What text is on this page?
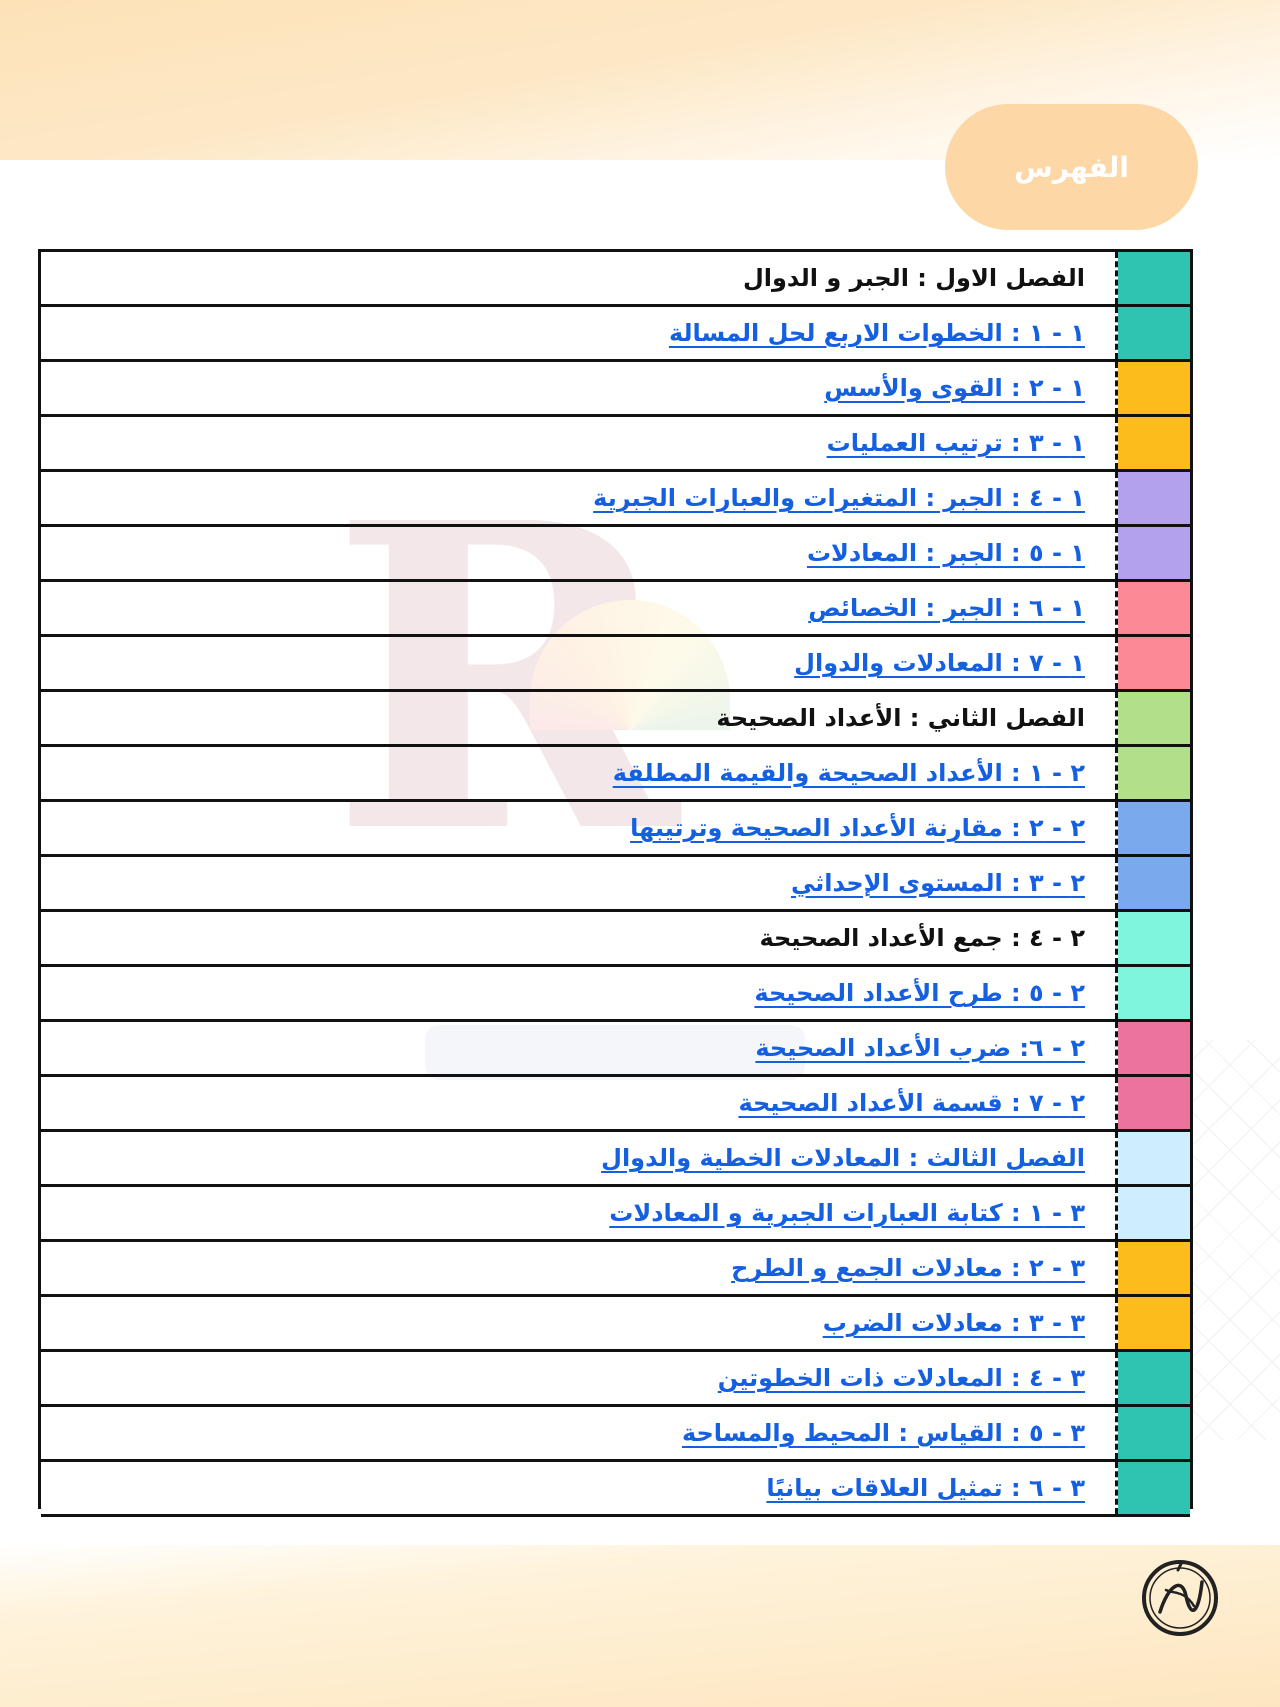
R
الفهرس
الفصل الاول : الجبر و الدوال
١ - ١ : الخطوات الاربع لحل المسالة
١ - ٢ : القوى والأسس
١ - ٣ : ترتيب العمليات
١ - ٤ : الجبر : المتغيرات والعبارات الجبرية
١ - ٥ : الجبر : المعادلات
١ - ٦ : الجبر : الخصائص
١ - ٧ : المعادلات والدوال
الفصل الثاني : الأعداد الصحيحة
٢ - ١ : الأعداد الصحيحة والقيمة المطلقة
٢ - ٢ : مقارنة الأعداد الصحيحة وترتيبها
٢ - ٣ : المستوى الإحداثي
٢ - ٤ : جمع الأعداد الصحيحة
٢ - ٥ : طرح الأعداد الصحيحة
٢ - ٦: ضرب الأعداد الصحيحة
٢ - ٧ : قسمة الأعداد الصحيحة
الفصل الثالث : المعادلات الخطية والدوال
٣ - ١ : كتابة العبارات الجبرية و المعادلات
٣ - ٢ : معادلات الجمع و الطرح
٣ - ٣ : معادلات الضرب
٣ - ٤ : المعادلات ذات الخطوتين
٣ - ٥ : القياس : المحيط والمساحة
٣ - ٦ : تمثيل العلاقات بيانيًا
